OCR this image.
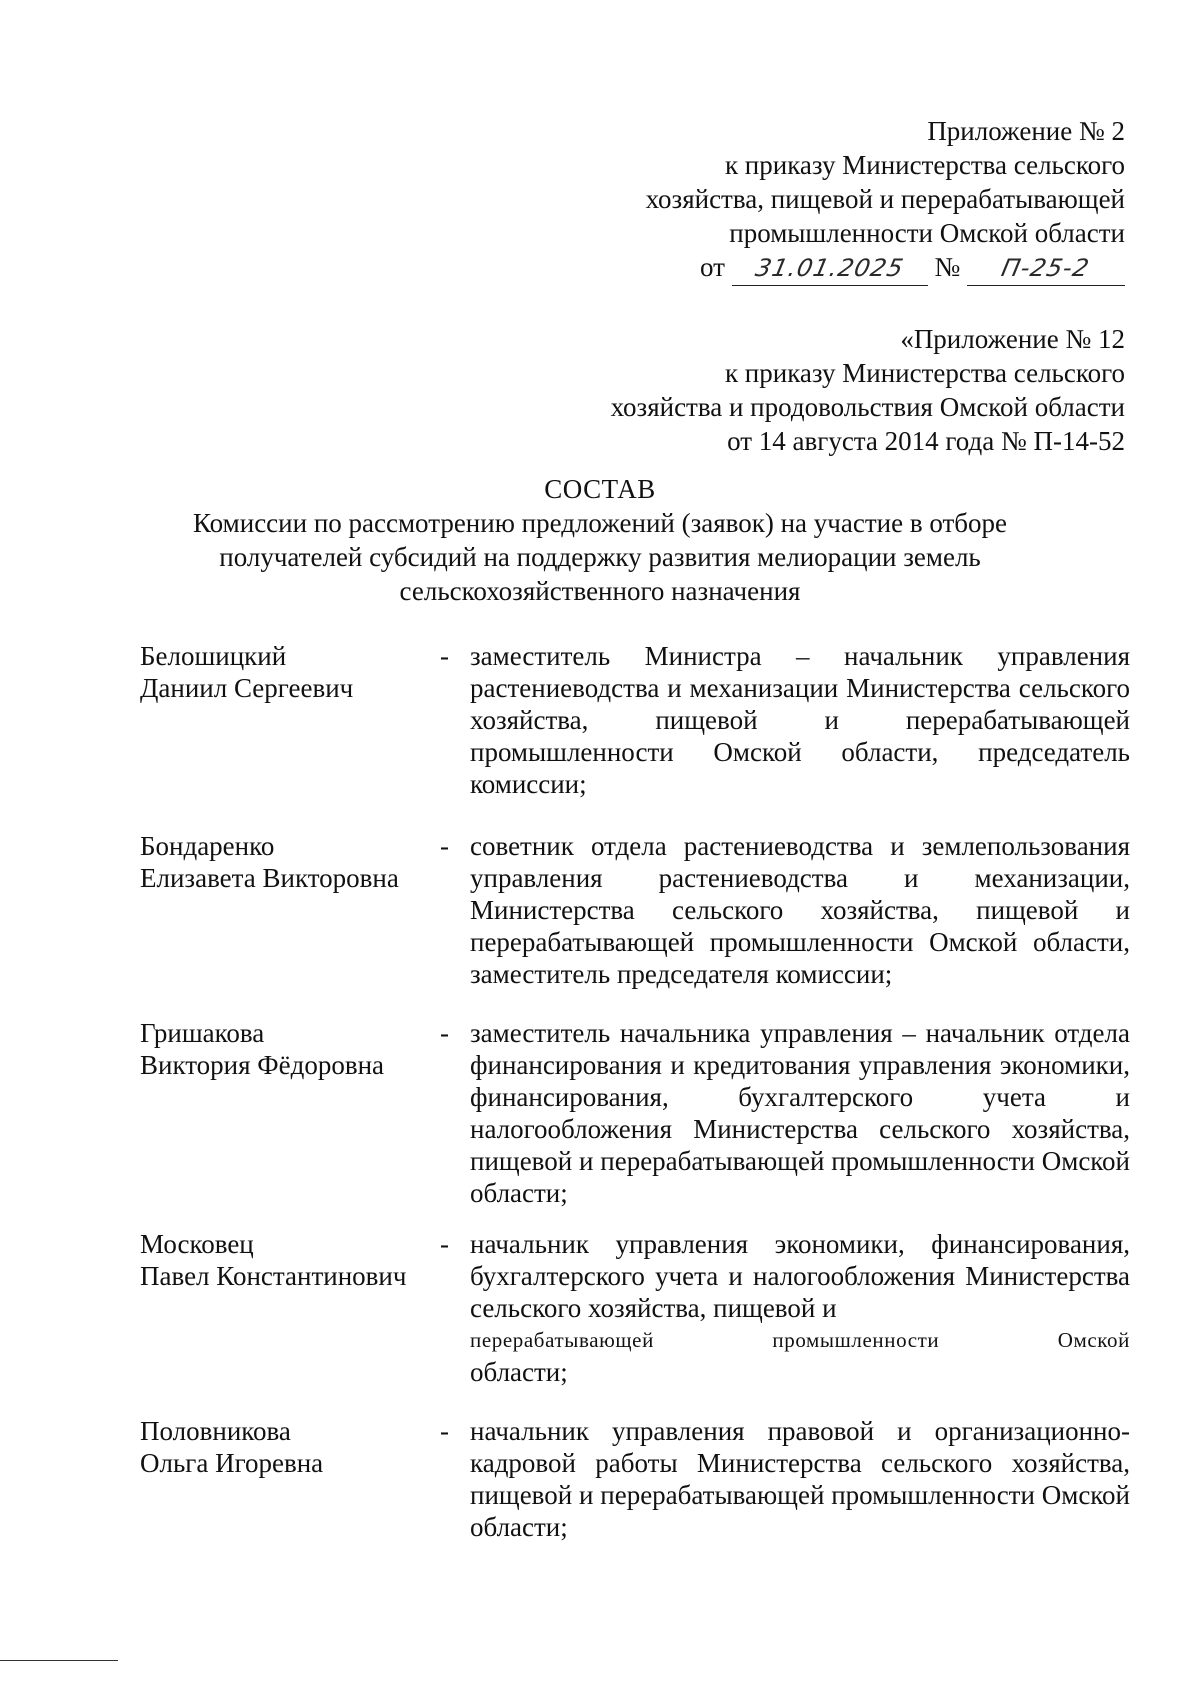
Приложение № 2
к приказу Министерства сельского
хозяйства, пищевой и перерабатывающей
промышленности Омской области
от 31.01.2025 № П-25-2
«Приложение № 12
к приказу Министерства сельского
хозяйства и продовольствия Омской области
от 14 августа 2014 года № П-14-52
СОСТАВ
Комиссии по рассмотрению предложений (заявок) на участие в отборе
получателей субсидий на поддержку развития мелиорации земель
сельскохозяйственного назначения
Белошицкий
Даниил Сергеевич
- заместитель Министра – начальник управления растениеводства и механизации Министерства сельского хозяйства, пищевой и перерабатывающей промышленности Омской области, председатель комиссии;
Бондаренко
Елизавета Викторовна
- советник отдела растениеводства и землепользования управления растениеводства и механизации, Министерства сельского хозяйства, пищевой и перерабатывающей промышленности Омской области, заместитель председателя комиссии;
Гришакова
Виктория Фёдоровна
- заместитель начальника управления – начальник отдела финансирования и кредитования управления экономики, финансирования, бухгалтерского учета и налогообложения Министерства сельского хозяйства, пищевой и перерабатывающей промышленности Омской области;
Московец
Павел Константинович
- начальник управления экономики, финансирования, бухгалтерского учета и налогообложения Министерства сельского хозяйства, пищевой и
перерабатывающей промышленности Омской
области;
Половникова
Ольга Игоревна
- начальник управления правовой и организационно-кадровой работы Министерства сельского хозяйства, пищевой и перерабатывающей промышленности Омской области;
